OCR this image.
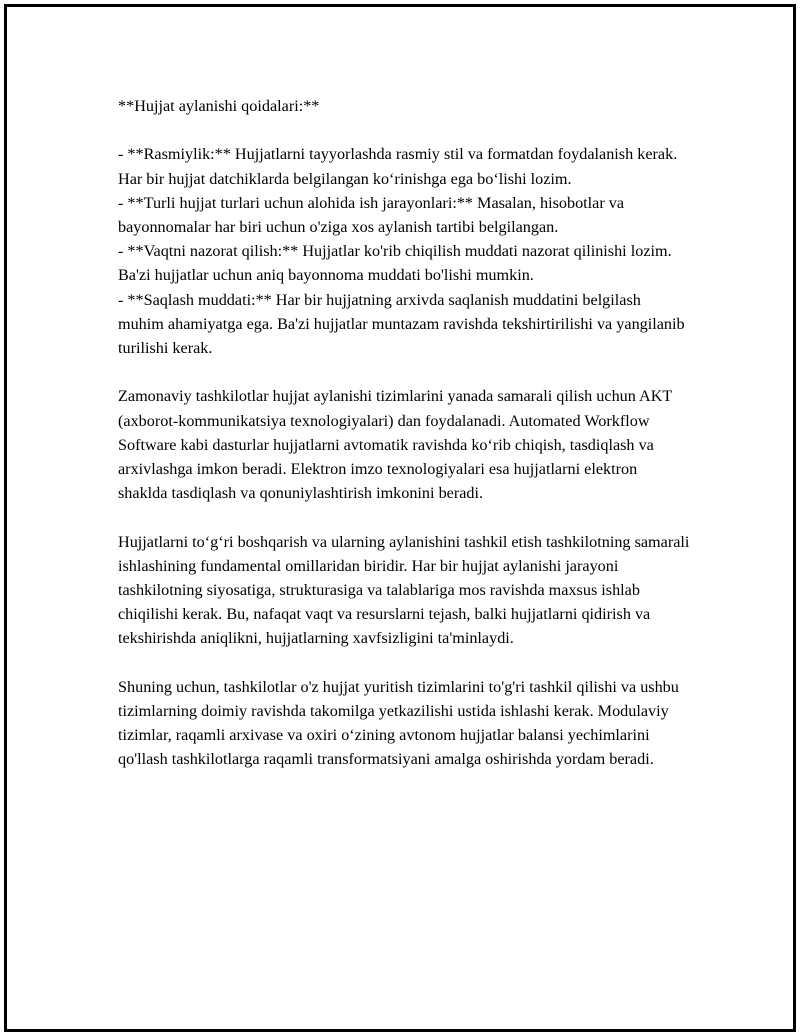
**Hujjat aylanishi qoidalari:**

- **Rasmiylik:** Hujjatlarni tayyorlashda rasmiy stil va formatdan foydalanish kerak. Har bir hujjat datchiklarda belgilangan ko‘rinishga ega bo‘lishi lozim.
- **Turli hujjat turlari uchun alohida ish jarayonlari:** Masalan, hisobotlar va bayonnomalar har biri uchun o'ziga xos aylanish tartibi belgilangan.
- **Vaqtni nazorat qilish:** Hujjatlar ko'rib chiqilish muddati nazorat qilinishi lozim. Ba'zi hujjatlar uchun aniq bayonnoma muddati bo'lishi mumkin.
- **Saqlash muddati:** Har bir hujjatning arxivda saqlanish muddatini belgilash muhim ahamiyatga ega. Ba'zi hujjatlar muntazam ravishda tekshirtirilishi va yangilanib turilishi kerak.

Zamonaviy tashkilotlar hujjat aylanishi tizimlarini yanada samarali qilish uchun AKT (axborot-kommunikatsiya texnologiyalari) dan foydalanadi. Automated Workflow Software kabi dasturlar hujjatlarni avtomatik ravishda ko‘rib chiqish, tasdiqlash va arxivlashga imkon beradi. Elektron imzo texnologiyalari esa hujjatlarni elektron shaklda tasdiqlash va qonuniylashtirish imkonini beradi.

Hujjatlarni to‘g‘ri boshqarish va ularning aylanishini tashkil etish tashkilotning samarali ishlashining fundamental omillaridan biridir. Har bir hujjat aylanishi jarayoni tashkilotning siyosatiga, strukturasiga va talablariga mos ravishda maxsus ishlab chiqilishi kerak. Bu, nafaqat vaqt va resurslarni tejash, balki hujjatlarni qidirish va tekshirishda aniqlikni, hujjatlarning xavfsizligini ta'minlaydi.

Shuning uchun, tashkilotlar o'z hujjat yuritish tizimlarini to'g'ri tashkil qilishi va ushbu tizimlarning doimiy ravishda takomilga yetkazilishi ustida ishlashi kerak. Modulaviy tizimlar, raqamli arxivase va oxiri o‘zining avtonom hujjatlar balansi yechimlarini qo'llash tashkilotlarga raqamli transformatsiyani amalga oshirishda yordam beradi.
